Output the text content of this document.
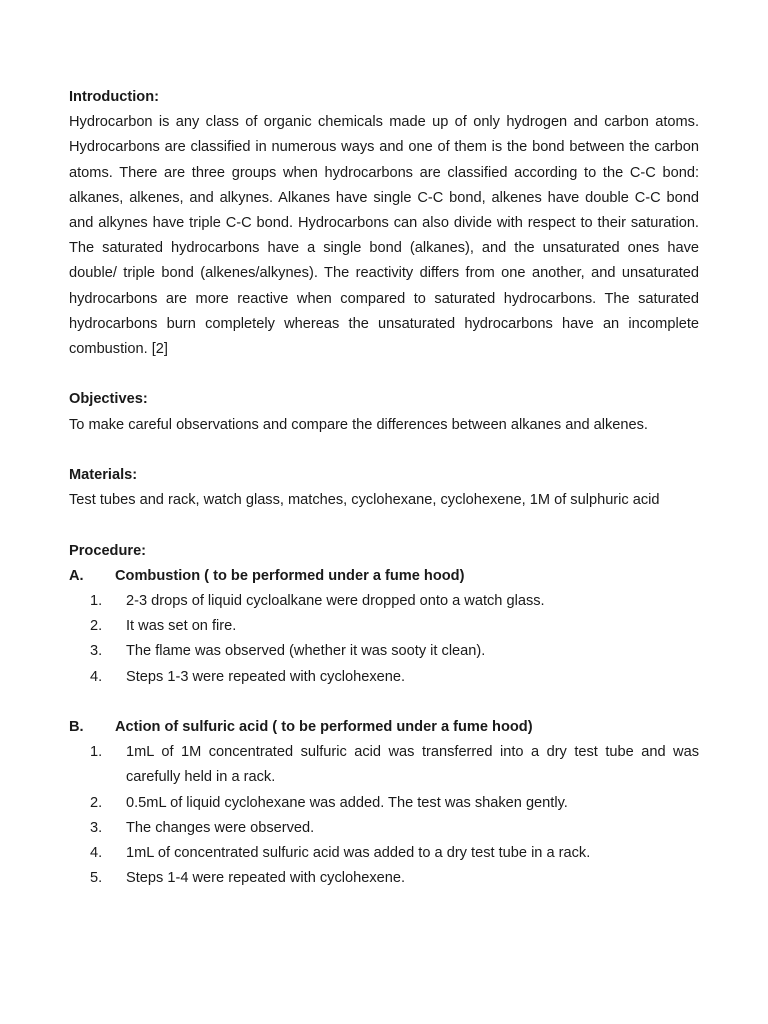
Introduction:

Hydrocarbon is any class of organic chemicals made up of only hydrogen and carbon atoms. Hydrocarbons are classified in numerous ways and one of them is the bond between the carbon atoms. There are three groups when hydrocarbons are classified according to the C-C bond: alkanes, alkenes, and alkynes. Alkanes have single C-C bond, alkenes have double C-C bond and alkynes have triple C-C bond. Hydrocarbons can also divide with respect to their saturation. The saturated hydrocarbons have a single bond (alkanes), and the unsaturated ones have double/ triple bond (alkenes/alkynes). The reactivity differs from one another, and unsaturated hydrocarbons are more reactive when compared to saturated hydrocarbons. The saturated hydrocarbons burn completely whereas the unsaturated hydrocarbons have an incomplete combustion. [2]

Objectives:

To make careful observations and compare the differences between alkanes and alkenes.

Materials:

Test tubes and rack, watch glass, matches, cyclohexane, cyclohexene, 1M of sulphuric acid

Procedure:

A.	Combustion ( to be performed under a fume hood)

1.	2-3 drops of liquid cycloalkane were dropped onto a watch glass.
2.	It was set on fire.
3.	The flame was observed (whether it was sooty it clean).
4.	Steps 1-3 were repeated with cyclohexene.

B.	Action of sulfuric acid ( to be performed under a fume hood)

1.	1mL of 1M concentrated sulfuric acid was transferred into a dry test tube and was carefully held in a rack.
2.	0.5mL of liquid cyclohexane was added. The test was shaken gently.
3.	The changes were observed.
4.	1mL of concentrated sulfuric acid was added to a dry test tube in a rack.
5.	Steps 1-4 were repeated with cyclohexene.
